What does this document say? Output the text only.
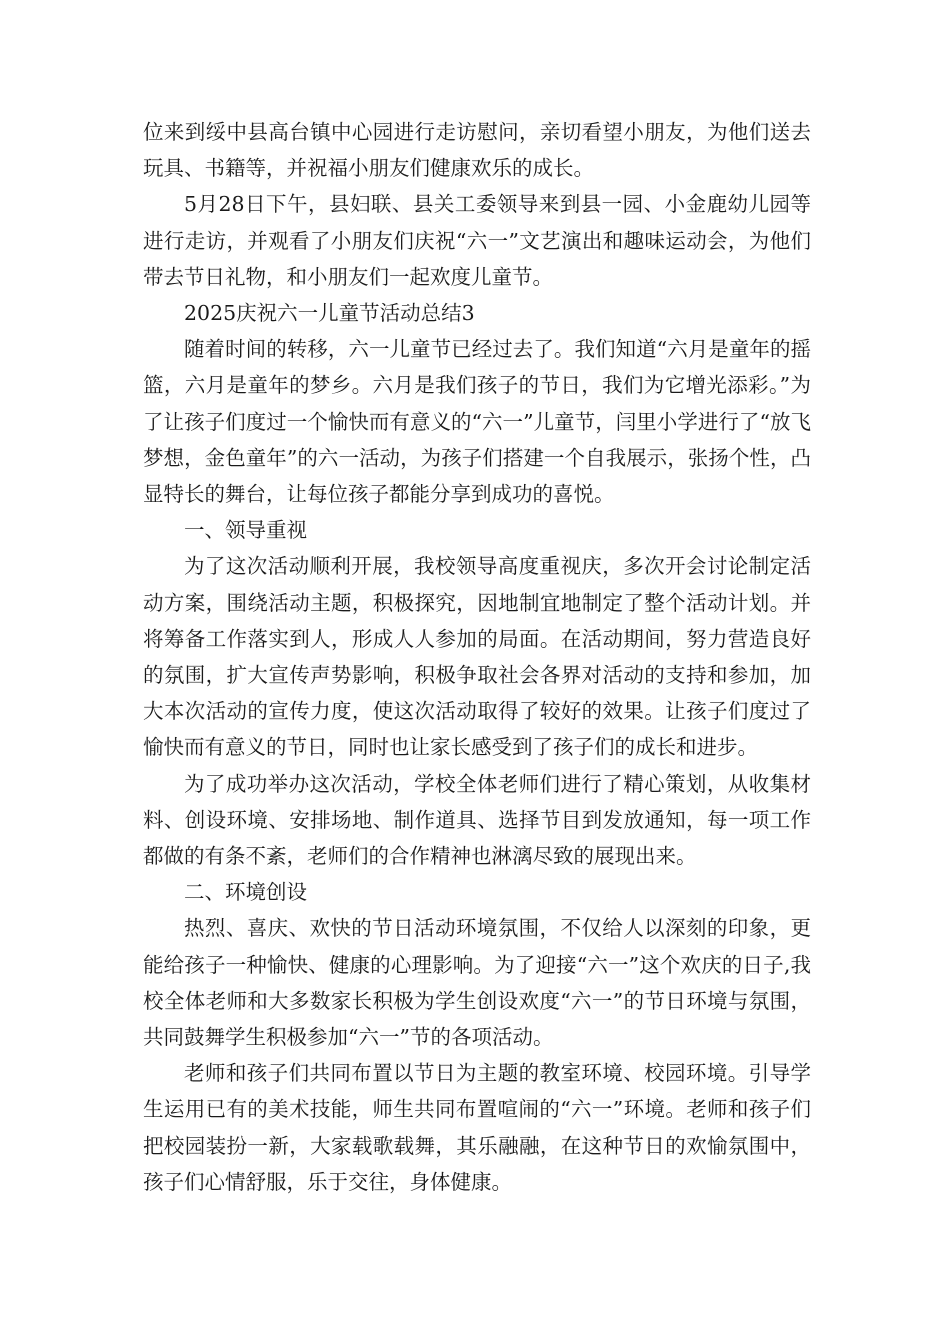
位来到绥中县高台镇中心园进行走访慰问，亲切看望小朋友，为他们送去玩具、书籍等，并祝福小朋友们健康欢乐的成长。

5月28日下午，县妇联、县关工委领导来到县一园、小金鹿幼儿园等进行走访，并观看了小朋友们庆祝“六一”文艺演出和趣味运动会，为他们带去节日礼物，和小朋友们一起欢度儿童节。

2025庆祝六一儿童节活动总结3

随着时间的转移，六一儿童节已经过去了。我们知道“六月是童年的摇篮，六月是童年的梦乡。六月是我们孩子的节日，我们为它增光添彩。”为了让孩子们度过一个愉快而有意义的“六一”儿童节，闫里小学进行了“放飞梦想，金色童年”的六一活动，为孩子们搭建一个自我展示，张扬个性，凸显特长的舞台，让每位孩子都能分享到成功的喜悦。

一、领导重视

为了这次活动顺利开展，我校领导高度重视庆，多次开会讨论制定活动方案，围绕活动主题，积极探究，因地制宜地制定了整个活动计划。并将筹备工作落实到人，形成人人参加的局面。在活动期间，努力营造良好的氛围，扩大宣传声势影响，积极争取社会各界对活动的支持和参加，加大本次活动的宣传力度，使这次活动取得了较好的效果。让孩子们度过了愉快而有意义的节日，同时也让家长感受到了孩子们的成长和进步。

为了成功举办这次活动，学校全体老师们进行了精心策划，从收集材料、创设环境、安排场地、制作道具、选择节目到发放通知，每一项工作都做的有条不紊，老师们的合作精神也淋漓尽致的展现出来。

二、环境创设

热烈、喜庆、欢快的节日活动环境氛围，不仅给人以深刻的印象，更能给孩子一种愉快、健康的心理影响。为了迎接“六一”这个欢庆的日子,我校全体老师和大多数家长积极为学生创设欢度“六一”的节日环境与氛围，共同鼓舞学生积极参加“六一”节的各项活动。

老师和孩子们共同布置以节日为主题的教室环境、校园环境。引导学生运用已有的美术技能，师生共同布置喧闹的“六一”环境。老师和孩子们把校园装扮一新，大家载歌载舞，其乐融融，在这种节日的欢愉氛围中，孩子们心情舒服，乐于交往，身体健康。
